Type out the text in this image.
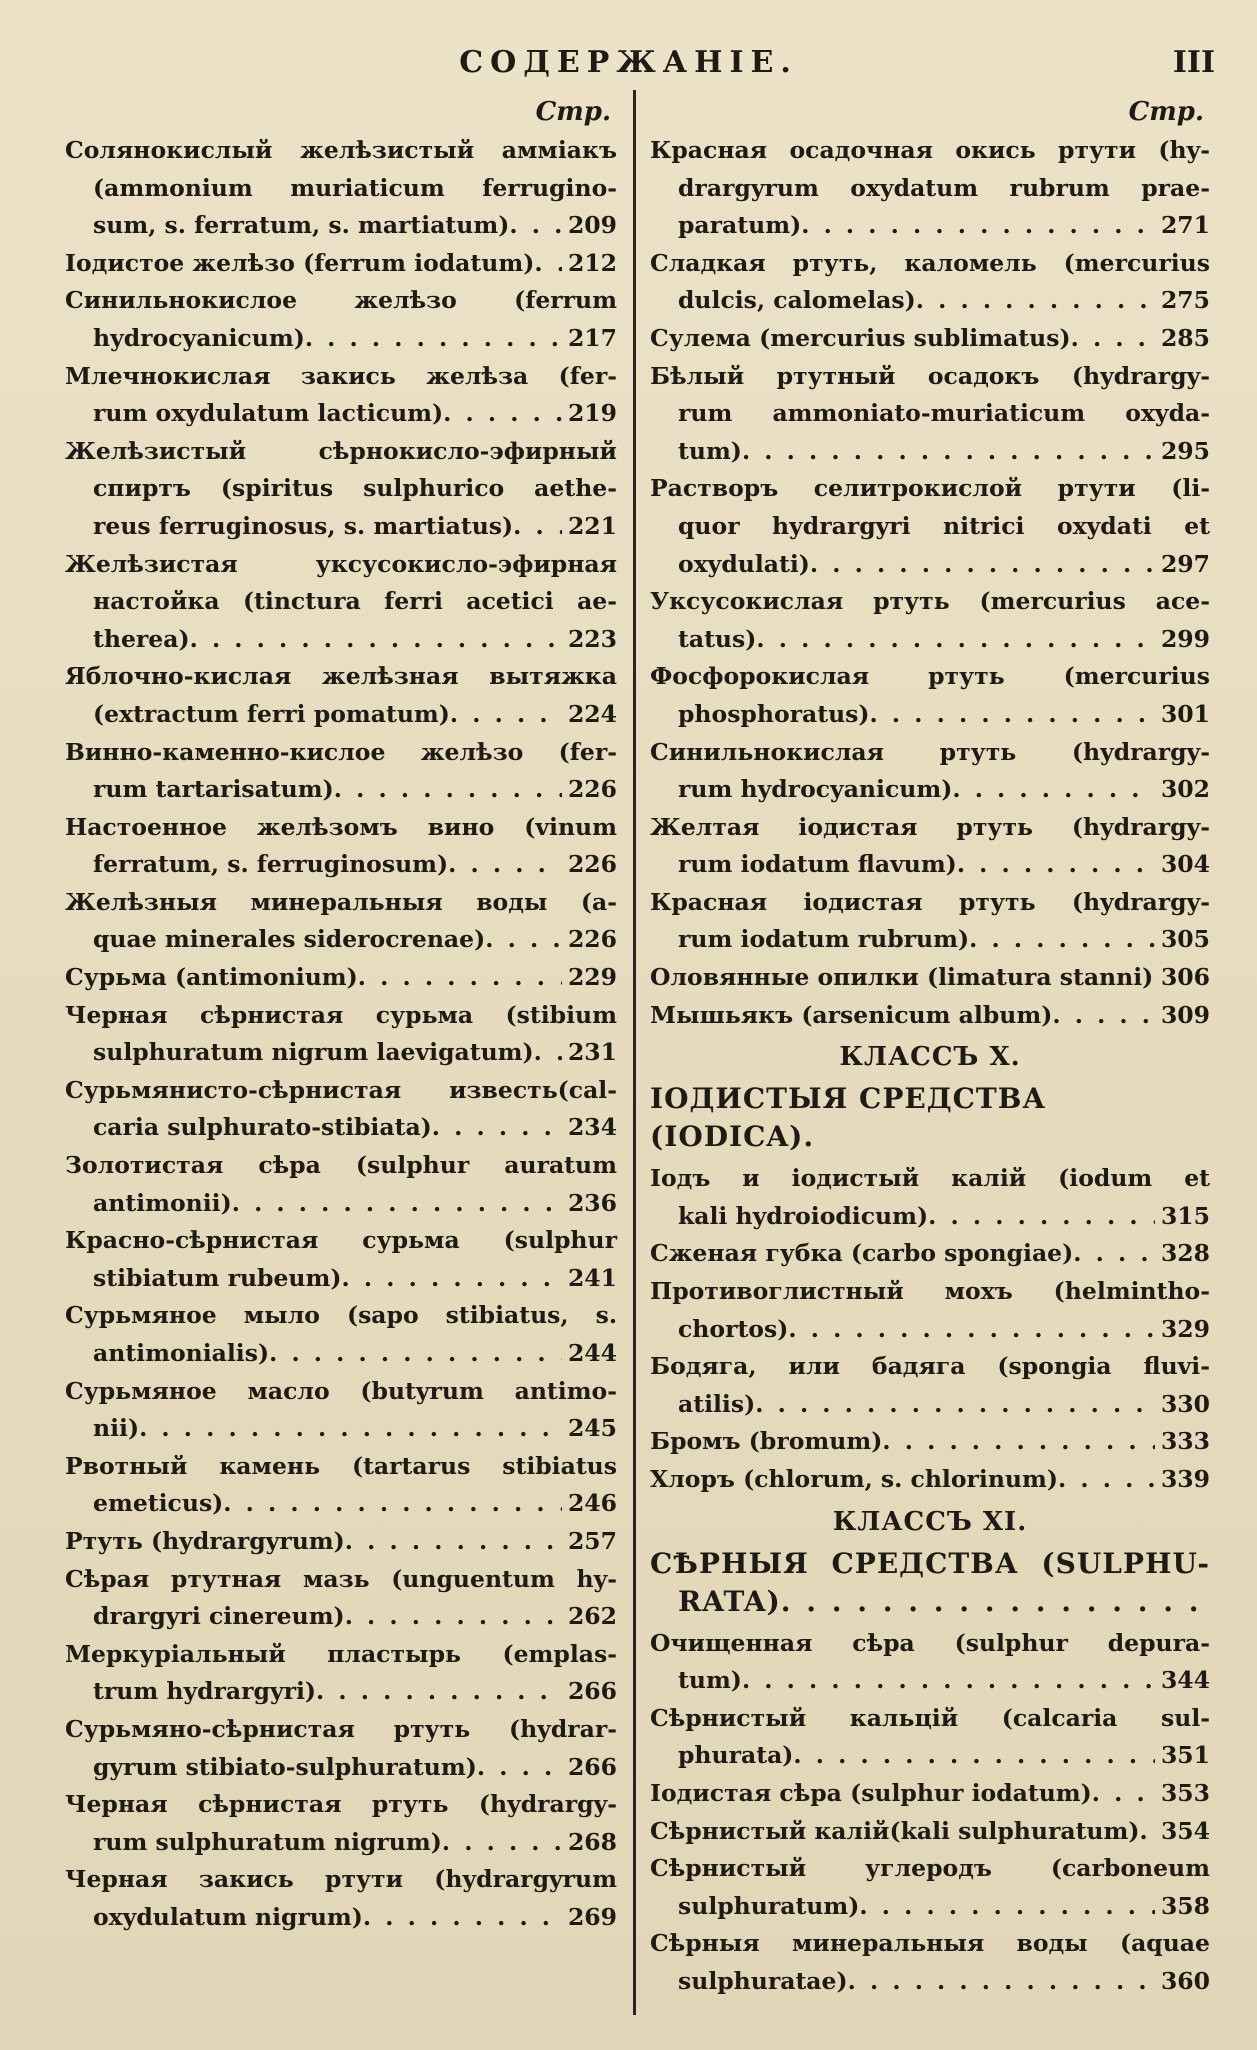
СОДЕРЖАНІЕ.	III
Стр.
Солянокислый желѣзистый аммiакъ
(ammonium muriaticum ferrugino-
sum, s. ferratum, s. martiatum) . . . 209
Іодистое желѣзо (ferrum iodatum) . . . 212
Синильнокислое желѣзо (ferrum
hydrocyanicum) . . .	217
Млечнокислая закись желѣза (fer-
rum oxydulatum lacticum) . . .	219
Желѣзистый сѣрнокисло-эфирный
спиртъ (spiritus sulphurico aethe-
reus ferruginosus, s. martiatus) . . . 221
Желѣзистая уксусокисло-эфирная
настойка (tinctura ferri acetici ae-
therea) . . .	223
Яблочно-кислая желѣзная вытяжка
(extractum ferri pomatum) . . .	224
Винно-каменно-кислое желѣзо (fer-
rum tartarisatum) . . .	226
Настоенное желѣзомъ вино (vinum
ferratum, s. ferruginosum) . . .	226
Желѣзныя минеральныя воды (a-
quae minerales siderocrenae) . . .	226
Сурьма (antimonium) . . .	229
Черная сѣрнистая сурьма (stibium
sulphuratum nigrum laevigatum) . . . 231
Сурьмянисто-сѣрнистая известь(cal-
caria sulphurato-stibiata) . . .	234
Золотистая сѣра (sulphur auratum
antimonii) . . .	236
Красно-сѣрнистая сурьма (sulphur
stibiatum rubeum) . . .	241
Сурьмяное мыло (sapo stibiatus, s.
antimonialis) . . .	244
Сурьмяное масло (butyrum antimo-
nii) . . .	245
Рвотный камень (tartarus stibiatus
emeticus) . . .	246
Ртуть (hydrargyrum) . . .	257
Сѣрая ртутная мазь (unguentum hy-
drargyri cinereum) . . .	262
Меркуріальный пластырь (emplas-
trum hydrargyri) . . .	266
Сурьмяно-сѣрнистая ртуть (hydrar-
gyrum stibiato-sulphuratum) . . .	266
Черная сѣрнистая ртуть (hydrargy-
rum sulphuratum nigrum) . . .	268
Черная закись ртути (hydrargyrum
oxydulatum nigrum) . . .	269
Стр.
Красная осадочная окись ртути (hy-
drargyrum oxydatum rubrum prae-
paratum) . . .	271
Сладкая ртуть, каломель (mercurius
dulcis, calomelas) . . .	275
Сулема (mercurius sublimatus) . . .	285
Бѣлый ртутный осадокъ (hydrargy-
rum ammoniato-muriaticum oxyda-
tum) . . .	295
Растворъ селитрокислой ртути (li-
quor hydrargyri nitrici oxydati et
oxydulati) . . .	297
Уксусокислая ртуть (mercurius ace-
tatus) . . .	299
Фосфорокислая ртуть (mercurius
phosphoratus) . . .	301
Синильнокислая ртуть (hydrargy-
rum hydrocyanicum) . . .	302
Желтая іодистая ртуть (hydrargy-
rum iodatum flavum) . . .	304
Красная іодистая ртуть (hydrargy-
rum iodatum rubrum) . . .	305
Оловянные опилки (limatura stanni) . . . 306
Мышьякъ (arsenicum album) . . .	309
КЛАССЪ X.
ІОДИСТЫЯ СРЕДСТВА (IODICA).
Іодъ и іодистый калій (iodum et
kali hydroiodicum) . . .	315
Сженая губка (carbo spongiae) . . .	328
Противоглистный мохъ (helmintho-
chortos) . . .	329
Бодяга, или бадяга (spongia fluvi-
atilis) . . .	330
Бромъ (bromum) . . .	333
Хлоръ (chlorum, s. chlorinum) . . .	339
КЛАССЪ XI.
СѢРНЫЯ СРЕДСТВА (SULPHU-
RATA)
. . .
Очищенная сѣра (sulphur depura-
tum) . . .	344
Сѣрнистый кальцій (calcaria sul-
phurata) . . .	351
Іодистая сѣра (sulphur iodatum) . . .	353
Сѣрнистый калій(kali sulphuratum) . . . 354
Сѣрнистый углеродъ (carboneum
sulphuratum) . . .	358
Сѣрныя минеральныя воды (aquae
sulphuratae) . . .	360
